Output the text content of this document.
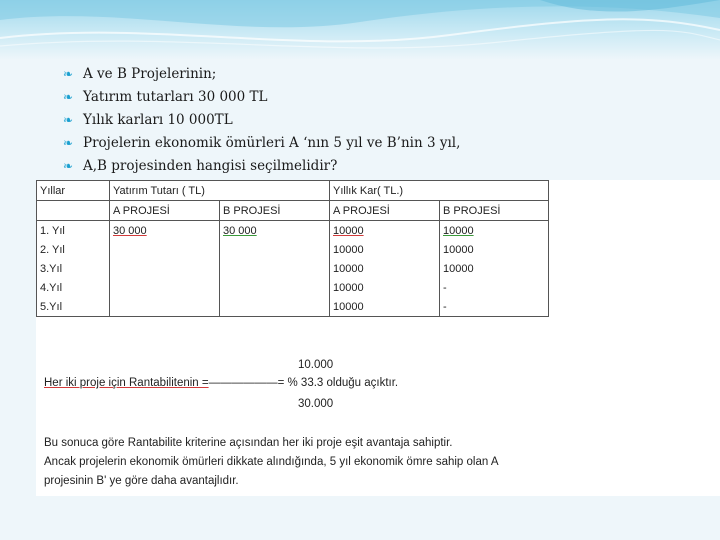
❧ A ve B Projelerinin;
❧ Yatırım tutarları 30 000 TL
❧ Yılık karları 10 000TL
❧ Projelerin ekonomik ömürleri A ‘nın 5 yıl ve B’nin 3 yıl,
❧ A,B projesinden hangisi seçilmelidir?
Yıllar	Yatırım Tutarı ( TL)		Yıllık Kar( TL.)	
	A PROJESİ	B PROJESİ	A PROJESİ	B PROJESİ
1. Yıl	30 000	30 000	10000	10000
2. Yıl			10000	10000
3.Yıl			10000	10000
4.Yıl			10000	-
5.Yıl			10000	-
10.000
Her iki proje için Rantabilitenin =——————= % 33.3 olduğu açıktır.
30.000
Bu sonuca göre Rantabilite kriterine açısından her iki proje eşit avantaja sahiptir.
Ancak projelerin ekonomik ömürleri dikkate alındığında, 5 yıl ekonomik ömre sahip olan A
projesinin B' ye göre daha avantajlıdır.
